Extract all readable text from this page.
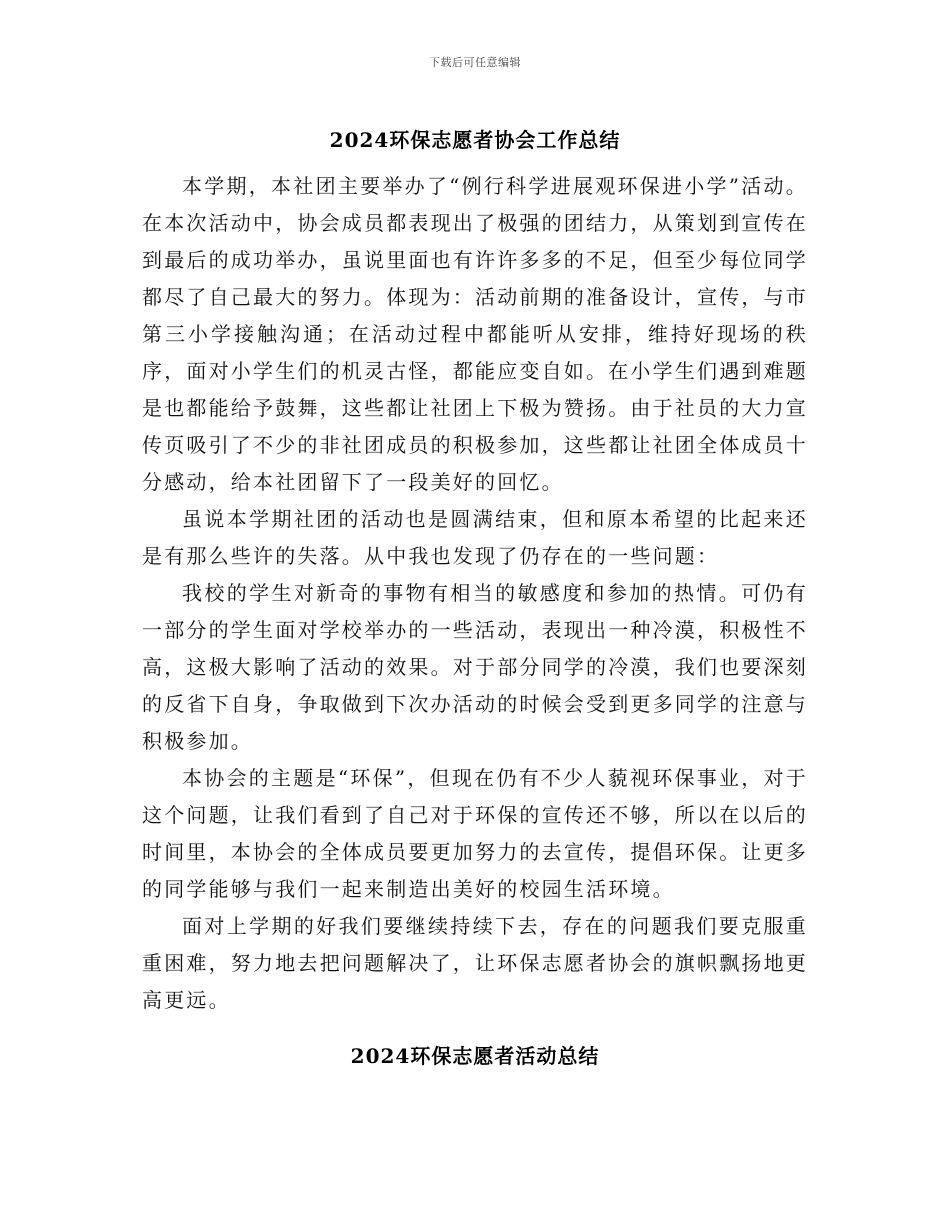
下载后可任意编辑
2024环保志愿者协会工作总结

本学期，本社团主要举办了“例行科学进展观环保进小学”活动。在本次活动中，协会成员都表现出了极强的团结力，从策划到宣传在到最后的成功举办，虽说里面也有许许多多的不足，但至少每位同学都尽了自己最大的努力。体现为：活动前期的准备设计，宣传，与市第三小学接触沟通；在活动过程中都能听从安排，维持好现场的秩序，面对小学生们的机灵古怪，都能应变自如。在小学生们遇到难题是也都能给予鼓舞，这些都让社团上下极为赞扬。由于社员的大力宣传页吸引了不少的非社团成员的积极参加，这些都让社团全体成员十分感动，给本社团留下了一段美好的回忆。

虽说本学期社团的活动也是圆满结束，但和原本希望的比起来还是有那么些许的失落。从中我也发现了仍存在的一些问题：

我校的学生对新奇的事物有相当的敏感度和参加的热情。可仍有一部分的学生面对学校举办的一些活动，表现出一种冷漠，积极性不高，这极大影响了活动的效果。对于部分同学的冷漠，我们也要深刻的反省下自身，争取做到下次办活动的时候会受到更多同学的注意与积极参加。

本协会的主题是“环保”，但现在仍有不少人藐视环保事业，对于这个问题，让我们看到了自己对于环保的宣传还不够，所以在以后的时间里，本协会的全体成员要更加努力的去宣传，提倡环保。让更多的同学能够与我们一起来制造出美好的校园生活环境。

面对上学期的好我们要继续持续下去，存在的问题我们要克服重重困难，努力地去把问题解决了，让环保志愿者协会的旗帜飘扬地更高更远。

2024环保志愿者活动总结
